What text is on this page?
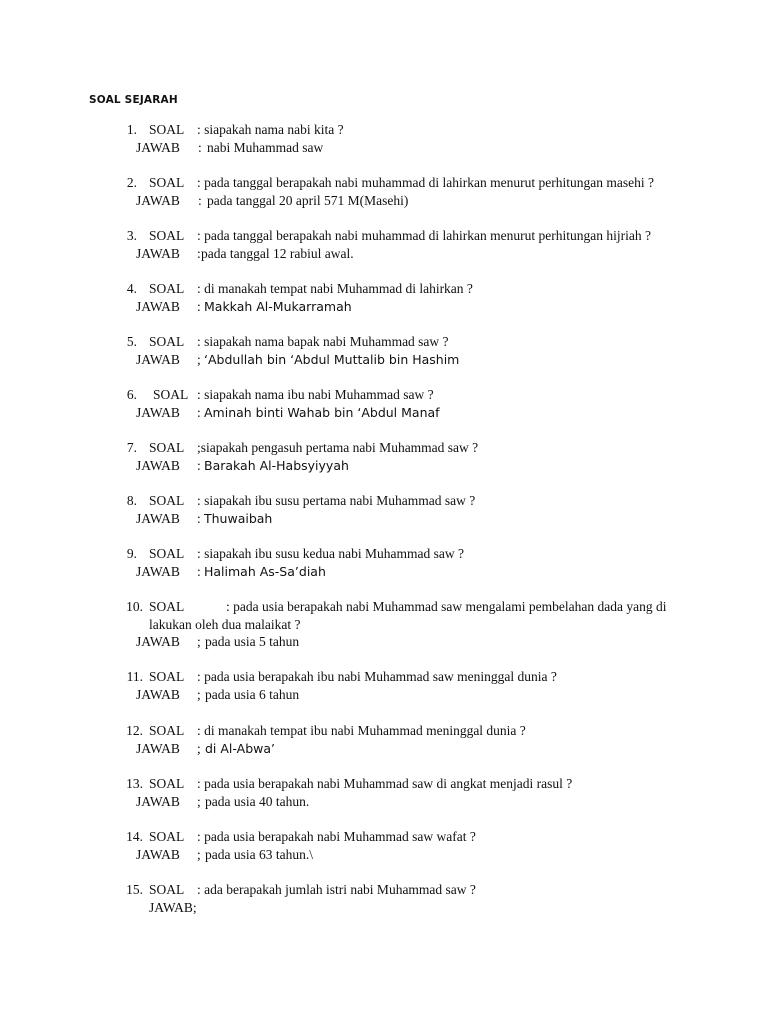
SOAL SEJARAH
1. SOAL : siapakah nama nabi kita ?
JAWAB : nabi Muhammad saw
2. SOAL : pada tanggal berapakah nabi muhammad di lahirkan menurut perhitungan masehi ?
JAWAB : pada tanggal 20 april 571 M(Masehi)
3. SOAL : pada tanggal berapakah nabi muhammad di lahirkan menurut perhitungan hijriah ?
JAWAB : pada tanggal 12 rabiul awal.
4. SOAL : di manakah tempat nabi Muhammad di lahirkan ?
JAWAB : Makkah Al-Mukarramah
5. SOAL : siapakah nama bapak nabi Muhammad saw ?
JAWAB ; ‘Abdullah bin ‘Abdul Muttalib bin Hashim
6. SOAL : siapakah nama ibu nabi Muhammad saw ?
JAWAB : Aminah binti Wahab bin ‘Abdul Manaf
7. SOAL ;siapakah pengasuh pertama nabi Muhammad saw ?
JAWAB : Barakah Al-Habsyiyyah
8. SOAL : siapakah ibu susu pertama nabi Muhammad saw ?
JAWAB : Thuwaibah
9. SOAL : siapakah ibu susu kedua nabi Muhammad saw ?
JAWAB : Halimah As-Sa’diah
10. SOAL	: pada usia berapakah nabi Muhammad saw mengalami pembelahan dada yang di
lakukan oleh dua malaikat ?
JAWAB ; pada usia 5 tahun
11. SOAL : pada usia berapakah ibu nabi Muhammad saw meninggal dunia ?
JAWAB ; pada usia 6 tahun
12. SOAL : di manakah tempat ibu nabi Muhammad meninggal dunia ?
JAWAB ; di Al-Abwa’
13. SOAL : pada usia berapakah nabi Muhammad saw di angkat menjadi rasul ?
JAWAB ; pada usia 40 tahun.
14. SOAL : pada usia berapakah nabi Muhammad saw wafat ?
JAWAB ; pada usia 63 tahun.\
15. SOAL : ada berapakah jumlah istri nabi Muhammad saw ?
JAWAB;
